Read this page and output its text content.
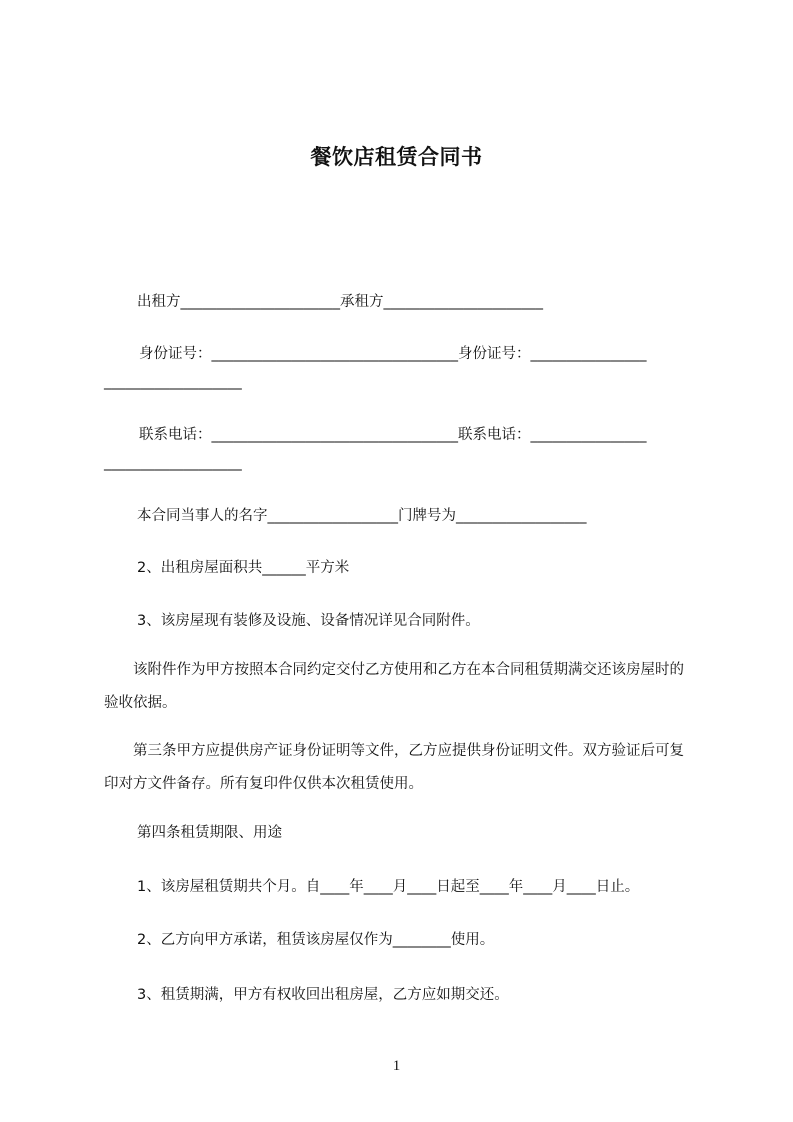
餐饮店租赁合同书
出租方______________________承租方______________________
身份证号：__________________________________身份证号：________________
___________________
联系电话：__________________________________联系电话：________________
___________________
本合同当事人的名字__________________门牌号为__________________
2、出租房屋面积共______平方米
3、该房屋现有装修及设施、设备情况详见合同附件。
该附件作为甲方按照本合同约定交付乙方使用和乙方在本合同租赁期满交还该房屋时的验收依据。
第三条甲方应提供房产证身份证明等文件，乙方应提供身份证明文件。双方验证后可复印对方文件备存。所有复印件仅供本次租赁使用。
第四条租赁期限、用途
1、该房屋租赁期共个月。自____年____月____日起至____年____月____日止。
2、乙方向甲方承诺，租赁该房屋仅作为________使用。
3、租赁期满，甲方有权收回出租房屋，乙方应如期交还。
1
